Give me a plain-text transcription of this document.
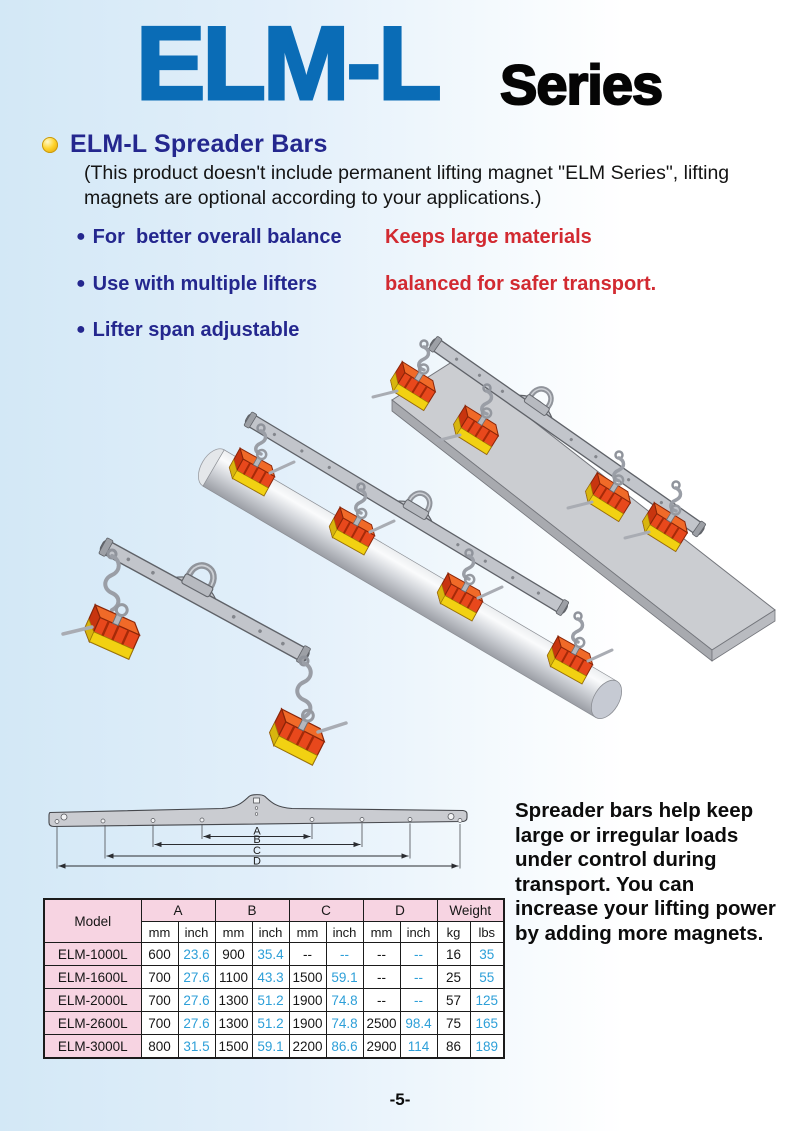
ELM-L Series
ELM-L Spreader Bars
(This product doesn't include permanent lifting magnet "ELM Series", lifting
magnets are optional according to your applications.)
● For  better overall balance
● Use with multiple lifters
● Lifter span adjustable
Keeps large materials
balanced for safer transport.
A
B
C
D
Spreader bars help keep
large or irregular loads
under control during
transport. You can
increase your lifting power
by adding more magnets.
Model	A		B		C		D		Weight	
	mm	inch	mm	inch	mm	inch	mm	inch	kg	lbs
ELM-1000L	600	23.6	900	35.4	--	--	--	--	16	35
ELM-1600L	700	27.6	1100	43.3	1500	59.1	--	--	25	55
ELM-2000L	700	27.6	1300	51.2	1900	74.8	--	--	57	125
ELM-2600L	700	27.6	1300	51.2	1900	74.8	2500	98.4	75	165
ELM-3000L	800	31.5	1500	59.1	2200	86.6	2900	114	86	189
-5-
